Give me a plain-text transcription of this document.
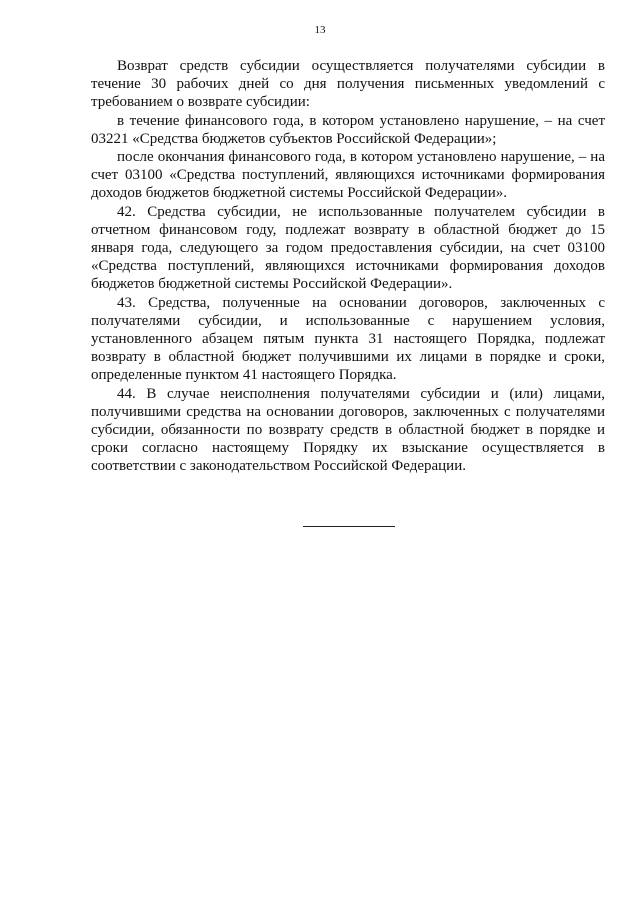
13

Возврат средств субсидии осуществляется получателями субсидии в течение 30 рабочих дней со дня получения письменных уведомлений с требованием о возврате субсидии:

в течение финансового года, в котором установлено нарушение, – на счет 03221 «Средства бюджетов субъектов Российской Федерации»;

после окончания финансового года, в котором установлено нарушение, – на счет 03100 «Средства поступлений, являющихся источниками формирования доходов бюджетов бюджетной системы Российской Федерации».

42. Средства субсидии, не использованные получателем субсидии в отчетном финансовом году, подлежат возврату в областной бюджет до 15 января года, следующего за годом предоставления субсидии, на счет 03100 «Средства поступлений, являющихся источниками формирования доходов бюджетов бюджетной системы Российской Федерации».

43. Средства, полученные на основании договоров, заключенных с получателями субсидии, и использованные с нарушением условия, установленного абзацем пятым пункта 31 настоящего Порядка, подлежат возврату в областной бюджет получившими их лицами в порядке и сроки, определенные пунктом 41 настоящего Порядка.

44. В случае неисполнения получателями субсидии и (или) лицами, получившими средства на основании договоров, заключенных с получателями субсидии, обязанности по возврату средств в областной бюджет в порядке и сроки согласно настоящему Порядку их взыскание осуществляется в соответствии с законодательством Российской Федерации.
